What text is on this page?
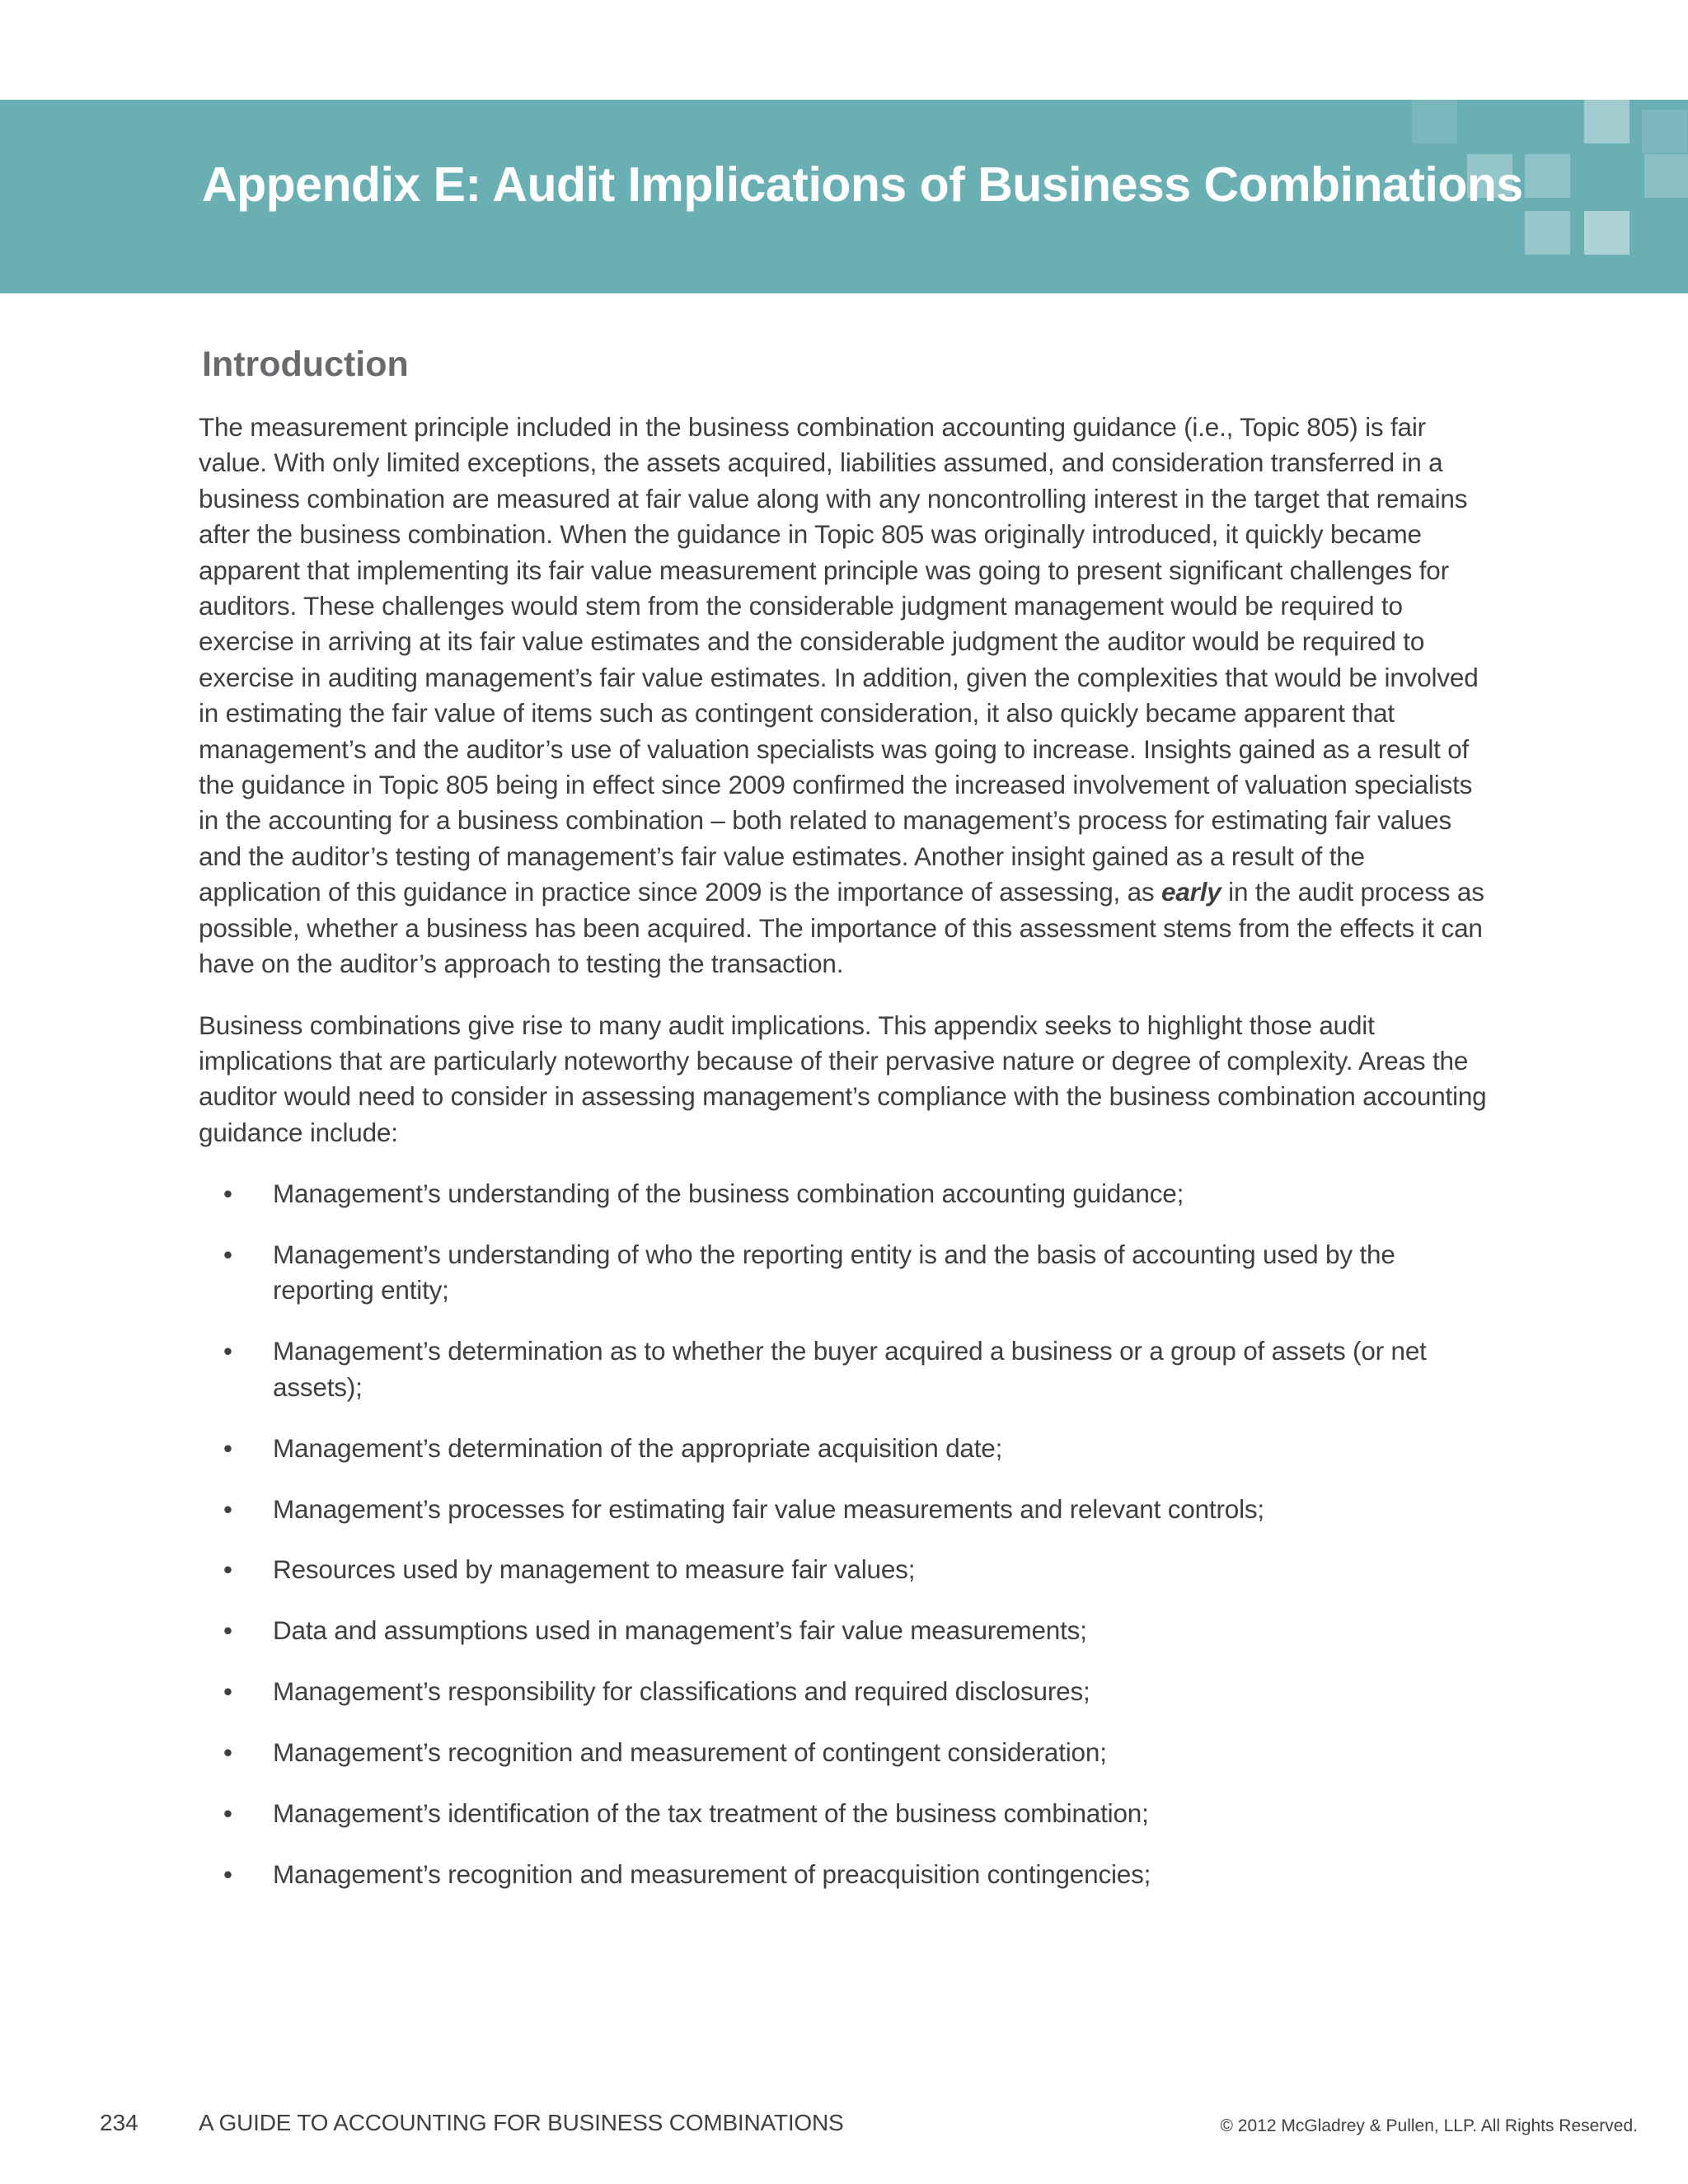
Appendix E: Audit Implications of Business Combinations
Introduction

The measurement principle included in the business combination accounting guidance (i.e., Topic 805) is fair value. With only limited exceptions, the assets acquired, liabilities assumed, and consideration transferred in a business combination are measured at fair value along with any noncontrolling interest in the target that remains after the business combination. When the guidance in Topic 805 was originally introduced, it quickly became apparent that implementing its fair value measurement principle was going to present significant challenges for auditors. These challenges would stem from the considerable judgment management would be required to exercise in arriving at its fair value estimates and the considerable judgment the auditor would be required to exercise in auditing management’s fair value estimates. In addition, given the complexities that would be involved in estimating the fair value of items such as contingent consideration, it also quickly became apparent that management’s and the auditor’s use of valuation specialists was going to increase. Insights gained as a result of the guidance in Topic 805 being in effect since 2009 confirmed the increased involvement of valuation specialists in the accounting for a business combination – both related to management’s process for estimating fair values and the auditor’s testing of management’s fair value estimates. Another insight gained as a result of the application of this guidance in practice since 2009 is the importance of assessing, as early in the audit process as possible, whether a business has been acquired. The importance of this assessment stems from the effects it can have on the auditor’s approach to testing the transaction.

Business combinations give rise to many audit implications. This appendix seeks to highlight those audit implications that are particularly noteworthy because of their pervasive nature or degree of complexity. Areas the auditor would need to consider in assessing management’s compliance with the business combination accounting guidance include:

• Management’s understanding of the business combination accounting guidance;
• Management’s understanding of who the reporting entity is and the basis of accounting used by the reporting entity;
• Management’s determination as to whether the buyer acquired a business or a group of assets (or net assets);
• Management’s determination of the appropriate acquisition date;
• Management’s processes for estimating fair value measurements and relevant controls;
• Resources used by management to measure fair values;
• Data and assumptions used in management’s fair value measurements;
• Management’s responsibility for classifications and required disclosures;
• Management’s recognition and measurement of contingent consideration;
• Management’s identification of the tax treatment of the business combination;
• Management’s recognition and measurement of preacquisition contingencies;
234	A GUIDE TO ACCOUNTING FOR BUSINESS COMBINATIONS	© 2012 McGladrey & Pullen, LLP. All Rights Reserved.
